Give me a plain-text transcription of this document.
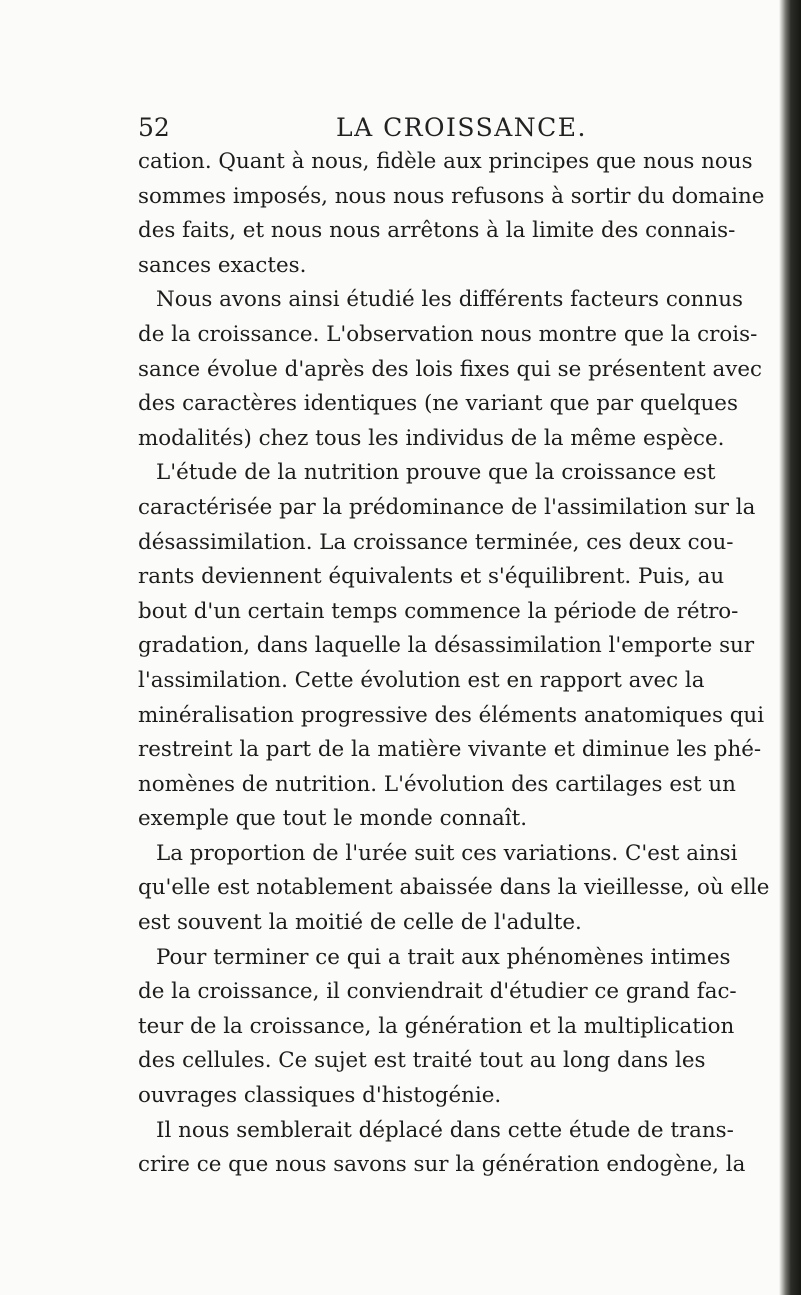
52	LA CROISSANCE.
cation. Quant à nous, fidèle aux principes que nous nous
sommes imposés, nous nous refusons à sortir du domaine
des faits, et nous nous arrêtons à la limite des connais-
sances exactes.
Nous avons ainsi étudié les différents facteurs connus
de la croissance. L'observation nous montre que la crois-
sance évolue d'après des lois fixes qui se présentent avec
des caractères identiques (ne variant que par quelques
modalités) chez tous les individus de la même espèce.
L'étude de la nutrition prouve que la croissance est
caractérisée par la prédominance de l'assimilation sur la
désassimilation. La croissance terminée, ces deux cou-
rants deviennent équivalents et s'équilibrent. Puis, au
bout d'un certain temps commence la période de rétro-
gradation, dans laquelle la désassimilation l'emporte sur
l'assimilation. Cette évolution est en rapport avec la
minéralisation progressive des éléments anatomiques qui
restreint la part de la matière vivante et diminue les phé-
nomènes de nutrition. L'évolution des cartilages est un
exemple que tout le monde connaît.
La proportion de l'urée suit ces variations. C'est ainsi
qu'elle est notablement abaissée dans la vieillesse, où elle
est souvent la moitié de celle de l'adulte.
Pour terminer ce qui a trait aux phénomènes intimes
de la croissance, il conviendrait d'étudier ce grand fac-
teur de la croissance, la génération et la multiplication
des cellules. Ce sujet est traité tout au long dans les
ouvrages classiques d'histogénie.
Il nous semblerait déplacé dans cette étude de trans-
crire ce que nous savons sur la génération endogène, la
